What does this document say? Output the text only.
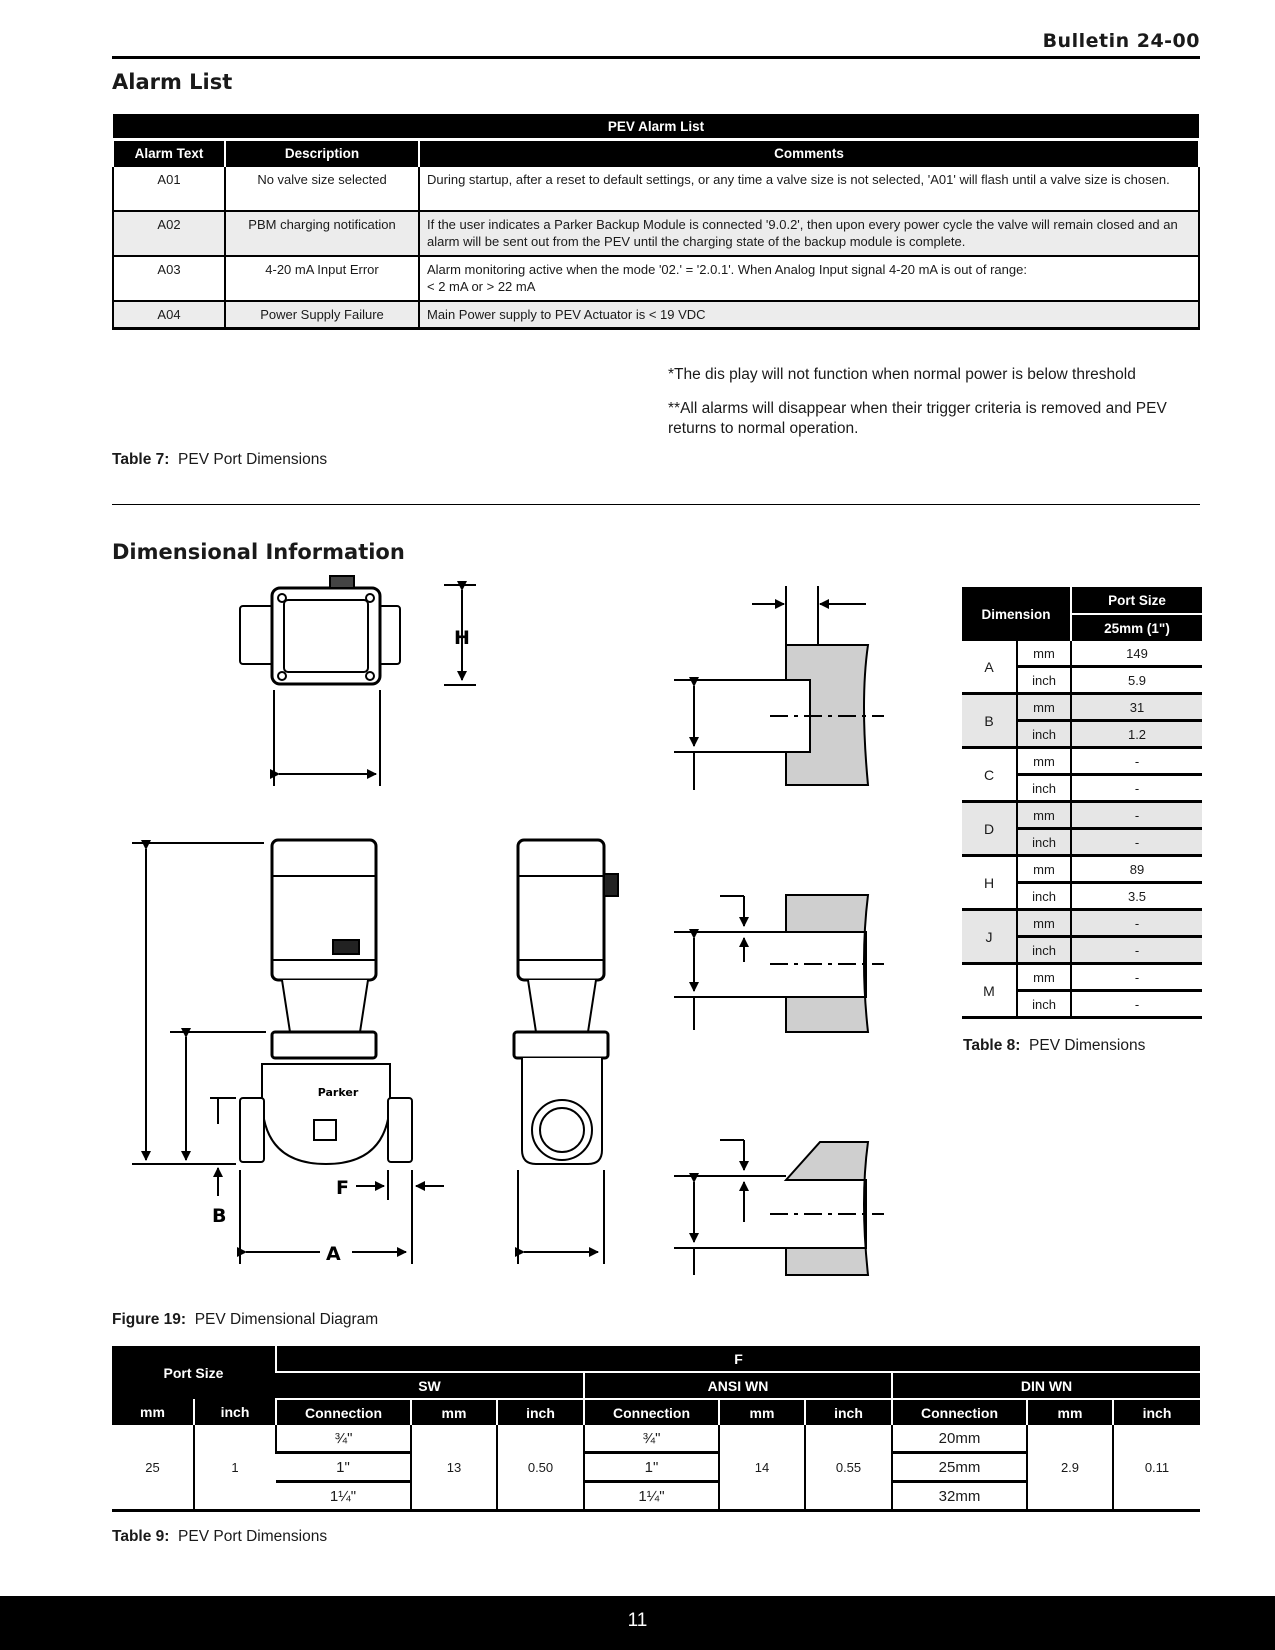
Bulletin 24-00
Alarm List
PEV Alarm List		
Alarm Text	Description	Comments
A01	No valve size selected	During startup, after a reset to default settings, or any time a valve size is not selected, 'A01' will flash until a valve size is chosen.
A02	PBM charging notification	If the user indicates a Parker Backup Module is connected '9.0.2', then upon every power cycle the valve will remain closed and an alarm will be sent out from the PEV until the charging state of the backup module is complete.
A03	4-20 mA Input Error	Alarm monitoring active when the mode '02.' = '2.0.1'. When Analog Input signal 4-20 mA is out of range:
< 2 mA or > 22 mA
A04	Power Supply Failure	Main Power supply to PEV Actuator is < 19 VDC
*The dis play will not function when normal power is below threshold
**All alarms will disappear when their trigger criteria is removed and PEV returns to normal operation.
Table 7: PEV Port Dimensions
Dimensional Information
Parker
H
F
B
A
Figure 19: PEV Dimensional Diagram
Dimension		Port Size
		25mm (1")
A	mm	149
	inch	5.9
B	mm	31
	inch	1.2
C	mm	-
	inch	-
D	mm	-
	inch	-
H	mm	89
	inch	3.5
J	mm	-
	inch	-
M	mm	-
	inch	-
Table 8: PEV Dimensions
Port Size		F								
		SW			ANSI WN			DIN WN		
mm	inch	Connection	mm	inch	Connection	mm	inch	Connection	mm	inch
25	1	¾"	13	0.50	¾"	14	0.55	20mm	2.9	0.11
		1"			1"			25mm		
		1¼"			1¼"			32mm		
Table 9: PEV Port Dimensions
11
